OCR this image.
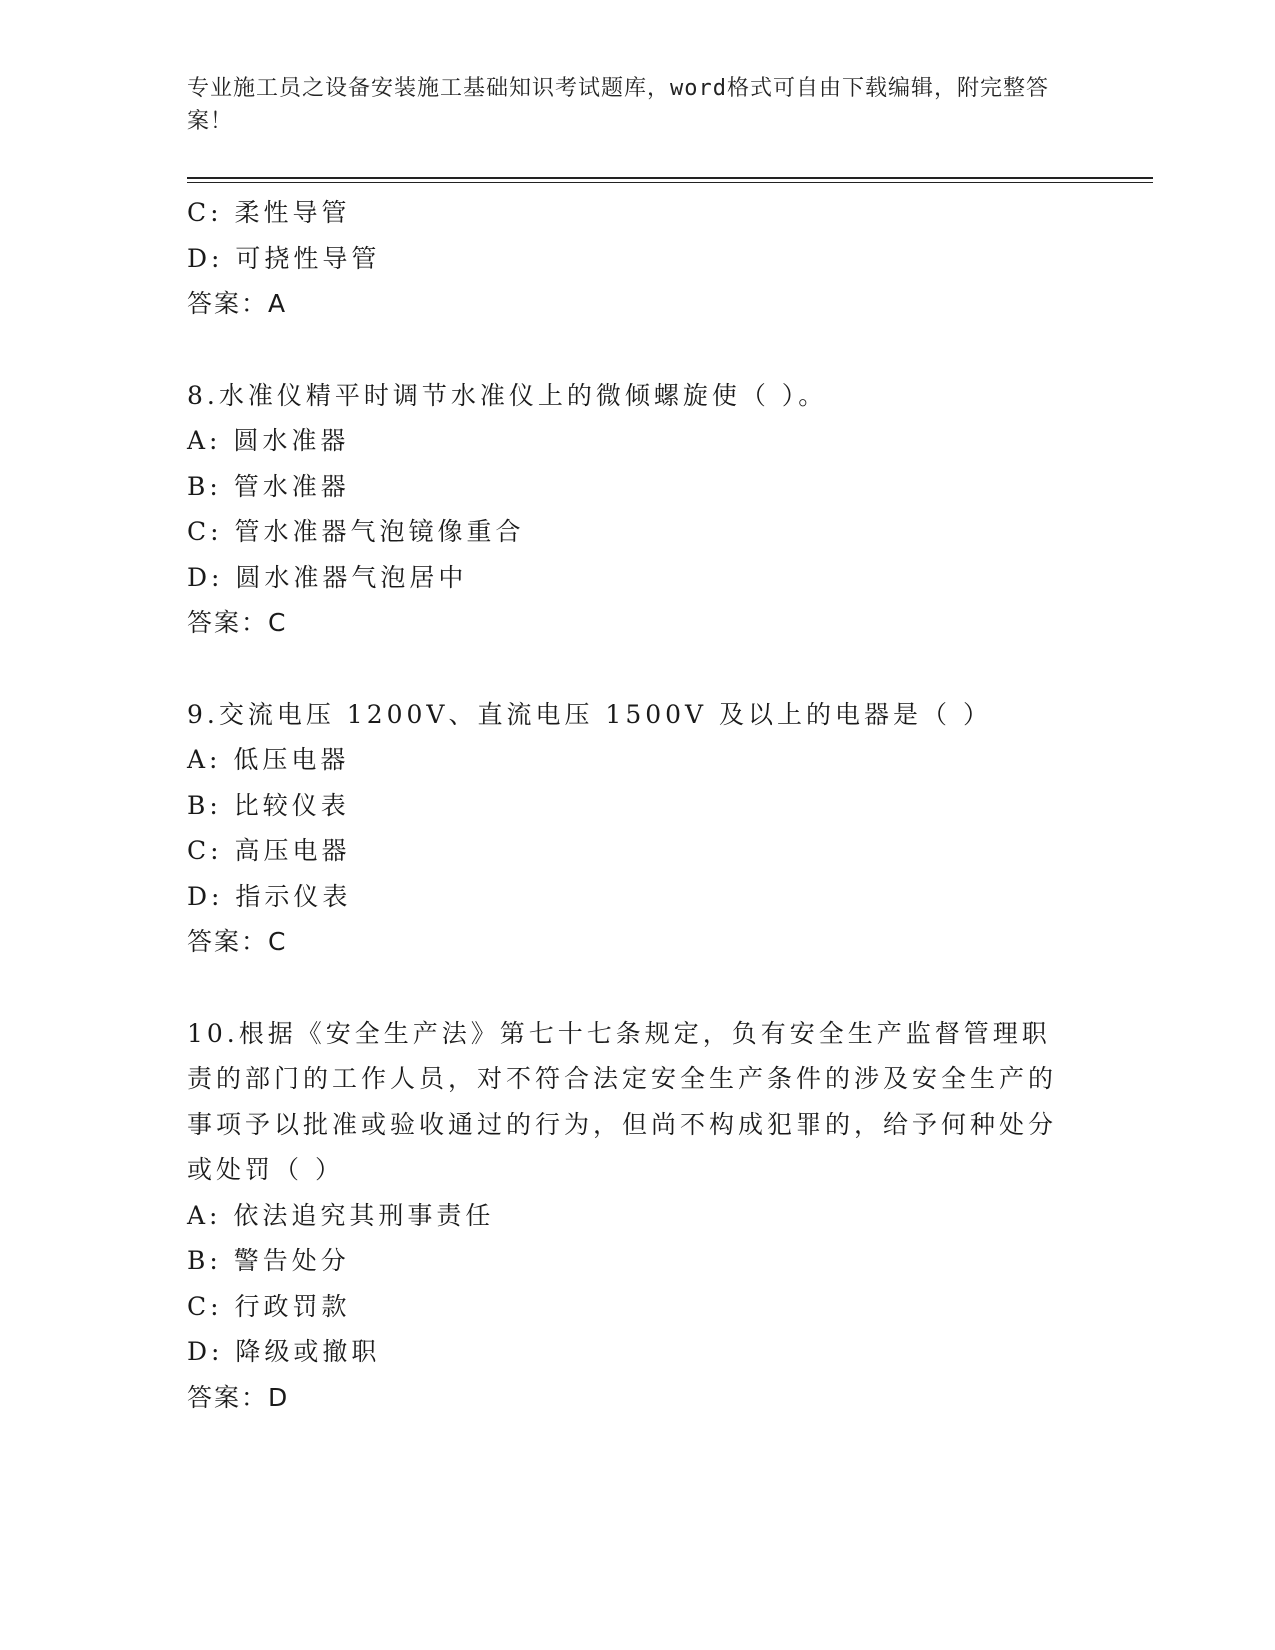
专业施工员之设备安装施工基础知识考试题库，word格式可自由下载编辑，附完整答案！
C: 柔性导管
D: 可挠性导管
答案：A
8.水准仪精平时调节水准仪上的微倾螺旋使（ ）。
A: 圆水准器
B: 管水准器
C: 管水准器气泡镜像重合
D: 圆水准器气泡居中
答案：C
9.交流电压 1200V、直流电压 1500V 及以上的电器是（ ）
A: 低压电器
B: 比较仪表
C: 高压电器
D: 指示仪表
答案：C
10.根据《安全生产法》第七十七条规定，负有安全生产监督管理职责的部门的工作人员，对不符合法定安全生产条件的涉及安全生产的事项予以批准或验收通过的行为，但尚不构成犯罪的，给予何种处分或处罚（ ）
A: 依法追究其刑事责任
B: 警告处分
C: 行政罚款
D: 降级或撤职
答案：D
